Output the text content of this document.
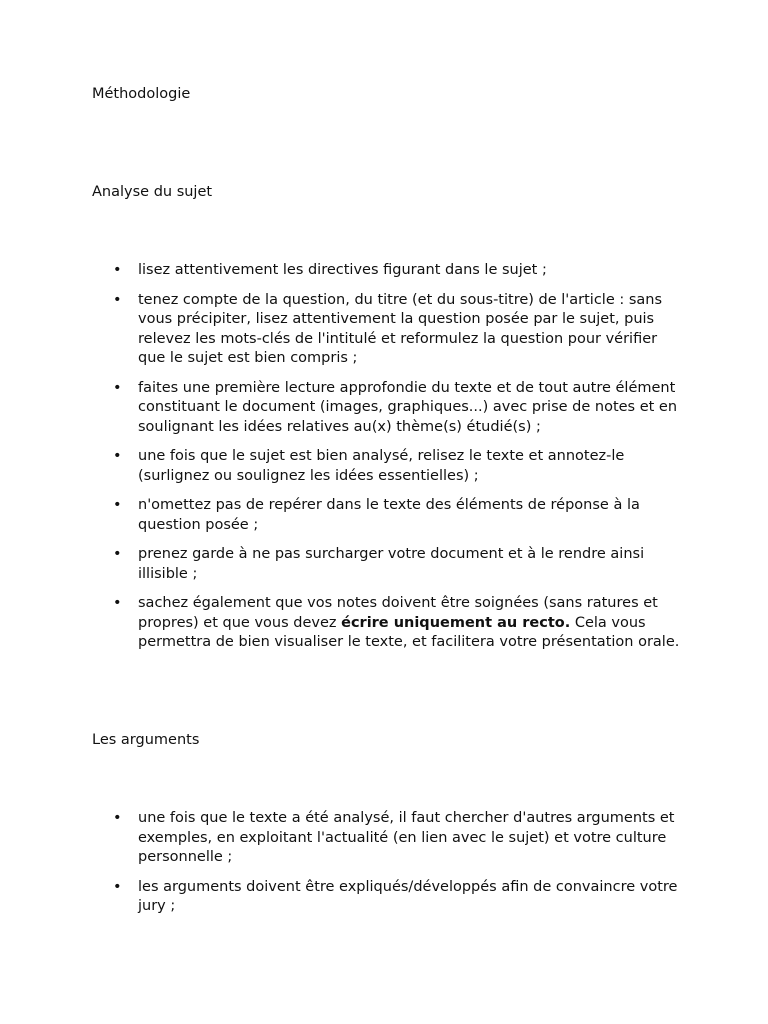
Méthodologie
Analyse du sujet
• lisez attentivement les directives figurant dans le sujet ;
• tenez compte de la question, du titre (et du sous-titre) de l'article : sans vous précipiter, lisez attentivement la question posée par le sujet, puis relevez les mots-clés de l'intitulé et reformulez la question pour vérifier que le sujet est bien compris ;
• faites une première lecture approfondie du texte et de tout autre élément constituant le document (images, graphiques...) avec prise de notes et en soulignant les idées relatives au(x) thème(s) étudié(s) ;
• une fois que le sujet est bien analysé, relisez le texte et annotez-le (surlignez ou soulignez les idées essentielles) ;
• n'omettez pas de repérer dans le texte des éléments de réponse à la question posée ;
• prenez garde à ne pas surcharger votre document et à le rendre ainsi illisible ;
• sachez également que vos notes doivent être soignées (sans ratures et propres) et que vous devez écrire uniquement au recto. Cela vous permettra de bien visualiser le texte, et facilitera votre présentation orale.
Les arguments
• une fois que le texte a été analysé, il faut chercher d'autres arguments et exemples, en exploitant l'actualité (en lien avec le sujet) et votre culture personnelle ;
• les arguments doivent être expliqués/développés afin de convaincre votre jury ;
